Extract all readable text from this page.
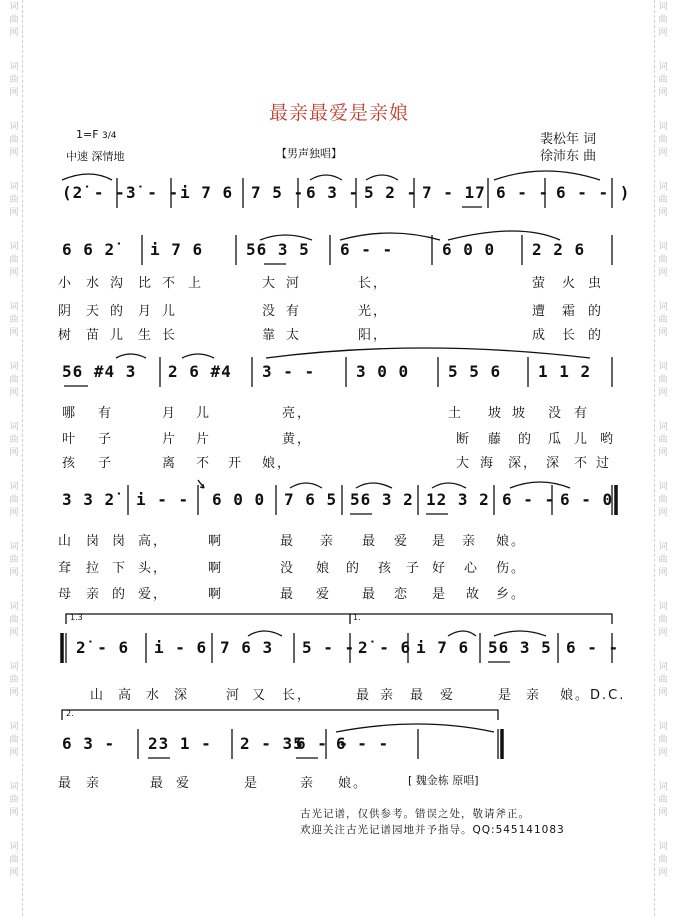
词
曲
网
词
曲
网
词
曲
网
词
曲
网
词
曲
网
词
曲
网
词
曲
网
词
曲
网
词
曲
网
词
曲
网
词
曲
网
词
曲
网
词
曲
网
词
曲
网
词
曲
网
词
曲
网
词
曲
网
词
曲
网
词
曲
网
词
曲
网
词
曲
网
词
曲
网
词
曲
网
词
曲
网
词
曲
网
词
曲
网
词
曲
网
词
曲
网
词
曲
网
词
曲
网
最亲最爱是亲娘
1=F 3/4
中速 深情地	【男声独唱】
裴松年 词
徐沛东 曲
(2̇ - - 3̇ - - i 7 6 7 5 - 6 3 - 5 2 - 7 - 17 6 - - 6 - - )
6 6 2̇ i 7 6	56 3 5 6 - -	6 0 0 2 2 6
56 #4 3 2 6 #4 3 - -	3 0 0 5 5 6 1 1 2
3 3 2̇ i - - 6 0 0 7 6 5 56 3 2 12 3 2 6 - - 6 - 0
2̇ - 6 i - 6 7 6 3 5 - - 2̇ - 6 i 7 6 56 3 5 6 - -
6 3 - 23 1 - 2 - 35
6 - -
6 - -
1.3	1.
2.
小 水 沟 比 不 上	大 河	长，	萤 火 虫
阴 天 的 月 儿	没 有	光，	遭 霜 的
树 苗 儿 生 长	靠 太	阳，	成 长 的
哪 有	月 儿	亮，	土 坡 坡 没 有
叶 子	片 片	黄，	断 藤 的 瓜 儿 哟
孩 子	离 不 开 娘，	大 海 深， 深 不 过
山 岗 岗 高，	啊	最 亲 最 爱 是 亲 娘。
耷 拉 下 头，	啊	没 娘 的 孩 子 好 心 伤。
母 亲 的 爱，	啊	最 爱 最 恋 是 故 乡。
山 高 水 深	河 又 长，	最 亲 最 爱	是 亲 娘。D.C.
最 亲	最 爱	是	亲 娘。	[ 魏金栋 原唱]
古光记谱，仅供参考。错误之处，敬请斧正。
欢迎关注古光记谱园地并予指导。QQ:545141083
